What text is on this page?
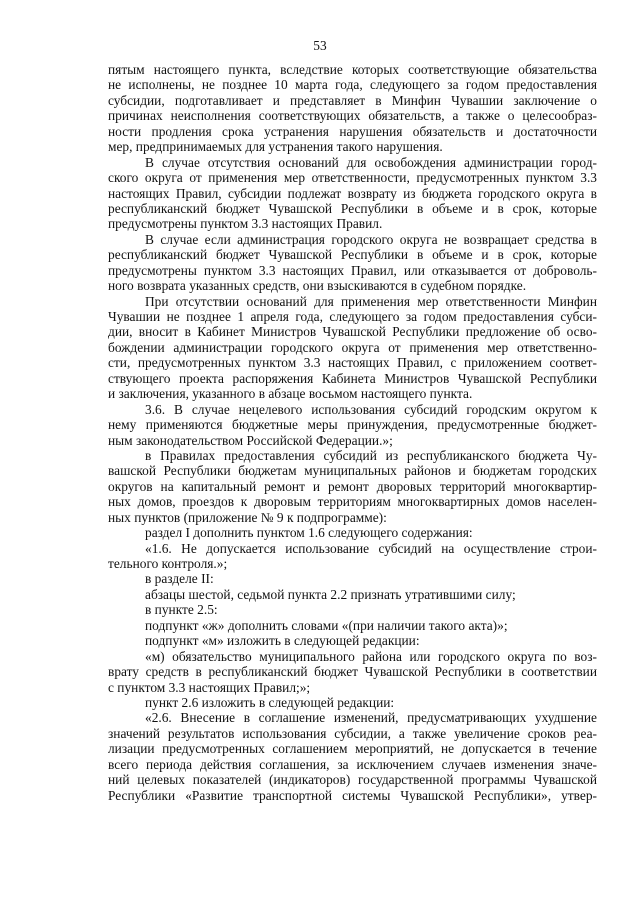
53
пятым настоящего пункта, вследствие которых соответствующие обязательства
не исполнены, не позднее 10 марта года, следующего за годом предоставления
субсидии, подготавливает и представляет в Минфин Чувашии заключение о
причинах неисполнения соответствующих обязательств, а также о целесообраз-
ности продления срока устранения нарушения обязательств и достаточности
мер, предпринимаемых для устранения такого нарушения.
В случае отсутствия оснований для освобождения администрации город-
ского округа от применения мер ответственности, предусмотренных пунктом 3.3
настоящих Правил, субсидии подлежат возврату из бюджета городского округа в
республиканский бюджет Чувашской Республики в объеме и в срок, которые
предусмотрены пунктом 3.3 настоящих Правил.
В случае если администрация городского округа не возвращает средства в
республиканский бюджет Чувашской Республики в объеме и в срок, которые
предусмотрены пунктом 3.3 настоящих Правил, или отказывается от доброволь-
ного возврата указанных средств, они взыскиваются в судебном порядке.
При отсутствии оснований для применения мер ответственности Минфин
Чувашии не позднее 1 апреля года, следующего за годом предоставления субси-
дии, вносит в Кабинет Министров Чувашской Республики предложение об осво-
бождении администрации городского округа от применения мер ответственно-
сти, предусмотренных пунктом 3.3 настоящих Правил, с приложением соответ-
ствующего проекта распоряжения Кабинета Министров Чувашской Республики
и заключения, указанного в абзаце восьмом настоящего пункта.
3.6. В случае нецелевого использования субсидий городским округом к
нему применяются бюджетные меры принуждения, предусмотренные бюджет-
ным законодательством Российской Федерации.»;
в Правилах предоставления субсидий из республиканского бюджета Чу-
вашской Республики бюджетам муниципальных районов и бюджетам городских
округов на капитальный ремонт и ремонт дворовых территорий многоквартир-
ных домов, проездов к дворовым территориям многоквартирных домов населен-
ных пунктов (приложение № 9 к подпрограмме):
раздел I дополнить пунктом 1.6 следующего содержания:
«1.6. Не допускается использование субсидий на осуществление строи-
тельного контроля.»;
в разделе II:
абзацы шестой, седьмой пункта 2.2 признать утратившими силу;
в пункте 2.5:
подпункт «ж» дополнить словами «(при наличии такого акта)»;
подпункт «м» изложить в следующей редакции:
«м) обязательство муниципального района или городского округа по воз-
врату средств в республиканский бюджет Чувашской Республики в соответствии
с пунктом 3.3 настоящих Правил;»;
пункт 2.6 изложить в следующей редакции:
«2.6. Внесение в соглашение изменений, предусматривающих ухудшение
значений результатов использования субсидии, а также увеличение сроков реа-
лизации предусмотренных соглашением мероприятий, не допускается в течение
всего периода действия соглашения, за исключением случаев изменения значе-
ний целевых показателей (индикаторов) государственной программы Чувашской
Республики «Развитие транспортной системы Чувашской Республики», утвер-
